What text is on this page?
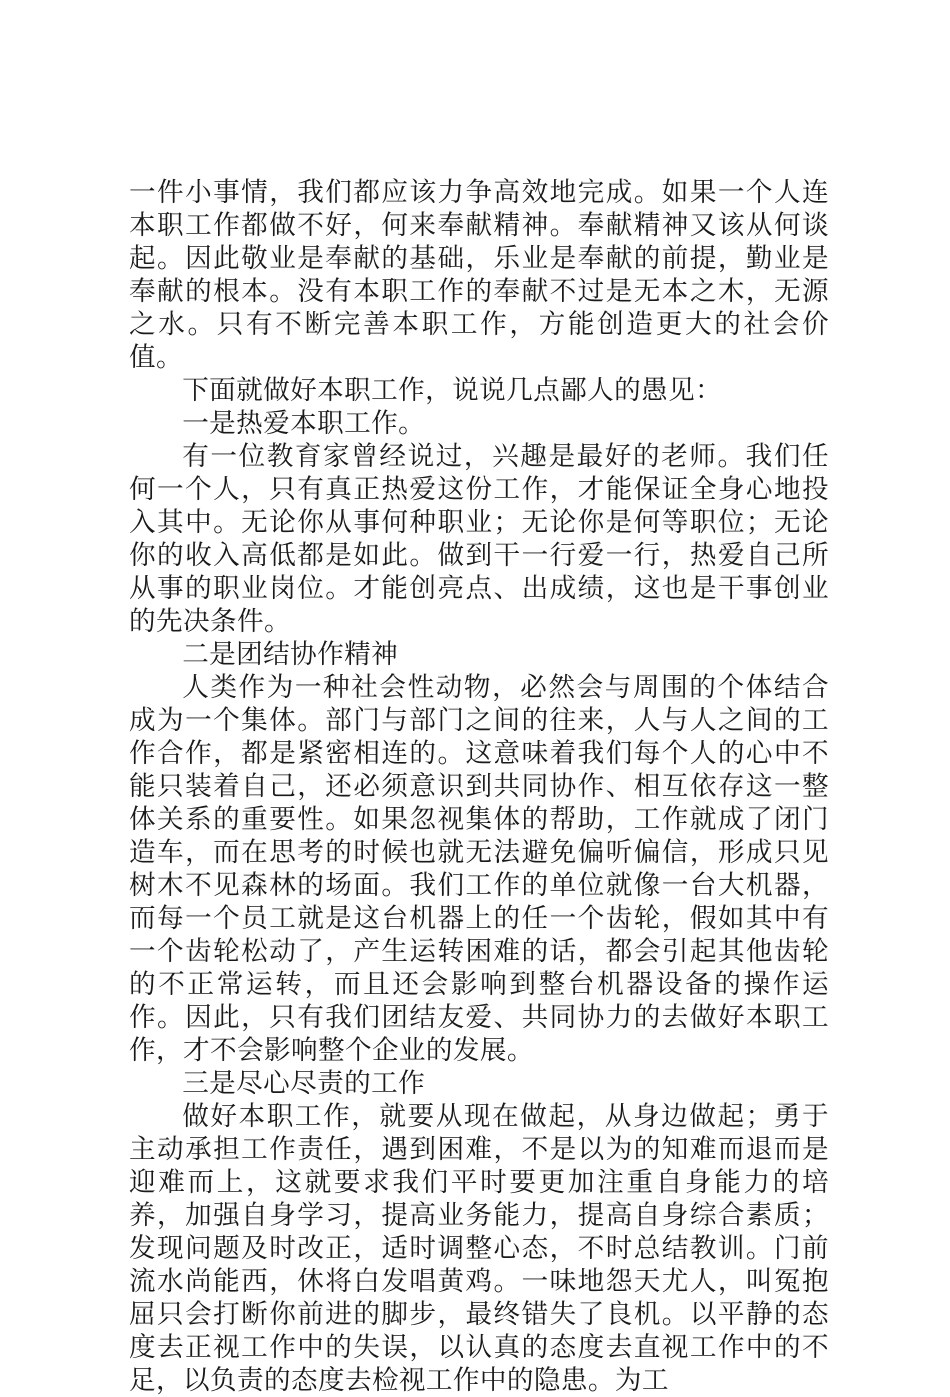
一件小事情，我们都应该力争高效地完成。如果一个人连本职工作都做不好，何来奉献精神。奉献精神又该从何谈起。因此敬业是奉献的基础，乐业是奉献的前提，勤业是奉献的根本。没有本职工作的奉献不过是无本之木，无源之水。只有不断完善本职工作，方能创造更大的社会价值。

下面就做好本职工作，说说几点鄙人的愚见：

一是热爱本职工作。

有一位教育家曾经说过，兴趣是最好的老师。我们任何一个人，只有真正热爱这份工作，才能保证全身心地投入其中。无论你从事何种职业；无论你是何等职位；无论你的收入高低都是如此。做到干一行爱一行，热爱自己所从事的职业岗位。才能创亮点、出成绩，这也是干事创业的先决条件。

二是团结协作精神

人类作为一种社会性动物，必然会与周围的个体结合成为一个集体。部门与部门之间的往来，人与人之间的工作合作，都是紧密相连的。这意味着我们每个人的心中不能只装着自己，还必须意识到共同协作、相互依存这一整体关系的重要性。如果忽视集体的帮助，工作就成了闭门造车，而在思考的时候也就无法避免偏听偏信，形成只见树木不见森林的场面。我们工作的单位就像一台大机器，而每一个员工就是这台机器上的任一个齿轮，假如其中有一个齿轮松动了，产生运转困难的话，都会引起其他齿轮的不正常运转，而且还会影响到整台机器设备的操作运作。因此，只有我们团结友爱、共同协力的去做好本职工作，才不会影响整个企业的发展。

三是尽心尽责的工作

做好本职工作，就要从现在做起，从身边做起；勇于主动承担工作责任，遇到困难，不是以为的知难而退而是迎难而上，这就要求我们平时要更加注重自身能力的培养，加强自身学习，提高业务能力，提高自身综合素质；发现问题及时改正，适时调整心态，不时总结教训。门前流水尚能西，休将白发唱黄鸡。一味地怨天尤人，叫冤抱屈只会打断你前进的脚步，最终错失了良机。以平静的态度去正视工作中的失误，以认真的态度去直视工作中的不足，以负责的态度去检视工作中的隐患。为工
